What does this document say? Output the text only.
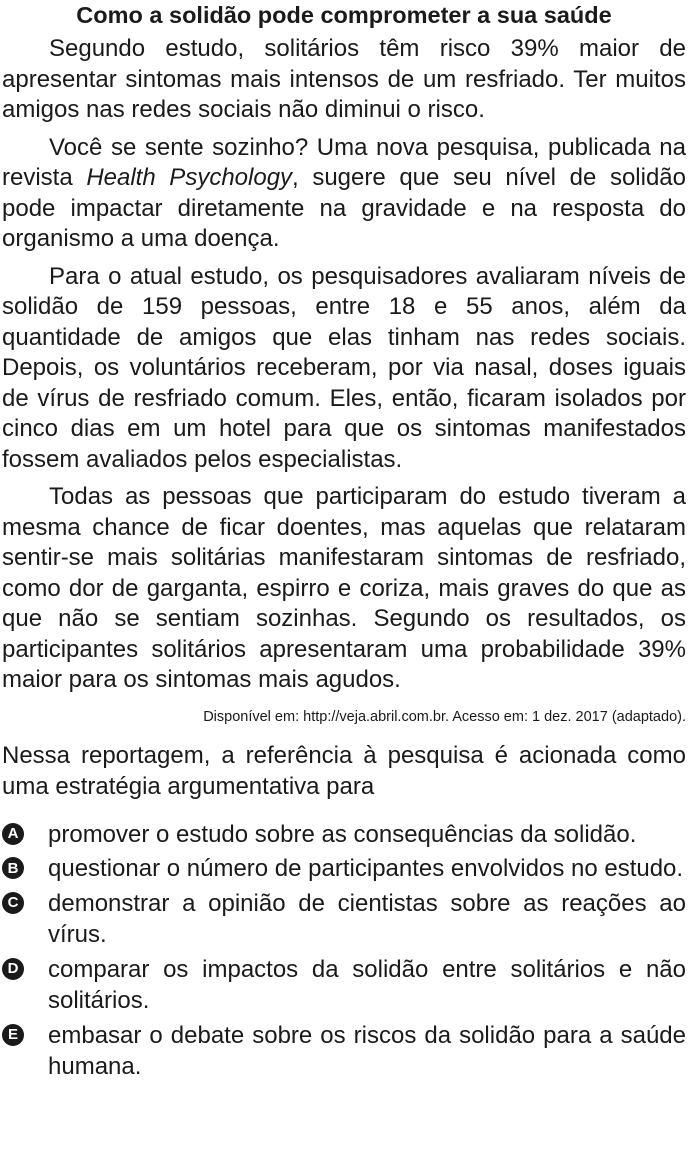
Como a solidão pode comprometer a sua saúde

Segundo estudo, solitários têm risco 39% maior de apresentar sintomas mais intensos de um resfriado. Ter muitos amigos nas redes sociais não diminui o risco.

Você se sente sozinho? Uma nova pesquisa, publicada na revista Health Psychology, sugere que seu nível de solidão pode impactar diretamente na gravidade e na resposta do organismo a uma doença.

Para o atual estudo, os pesquisadores avaliaram níveis de solidão de 159 pessoas, entre 18 e 55 anos, além da quantidade de amigos que elas tinham nas redes sociais. Depois, os voluntários receberam, por via nasal, doses iguais de vírus de resfriado comum. Eles, então, ficaram isolados por cinco dias em um hotel para que os sintomas manifestados fossem avaliados pelos especialistas.

Todas as pessoas que participaram do estudo tiveram a mesma chance de ficar doentes, mas aquelas que relataram sentir-se mais solitárias manifestaram sintomas de resfriado, como dor de garganta, espirro e coriza, mais graves do que as que não se sentiam sozinhas. Segundo os resultados, os participantes solitários apresentaram uma probabilidade 39% maior para os sintomas mais agudos.

Disponível em: http://veja.abril.com.br. Acesso em: 1 dez. 2017 (adaptado).

Nessa reportagem, a referência à pesquisa é acionada como uma estratégia argumentativa para

A promover o estudo sobre as consequências da solidão.
B questionar o número de participantes envolvidos no estudo.
C demonstrar a opinião de cientistas sobre as reações ao vírus.
D comparar os impactos da solidão entre solitários e não solitários.
E embasar o debate sobre os riscos da solidão para a saúde humana.
